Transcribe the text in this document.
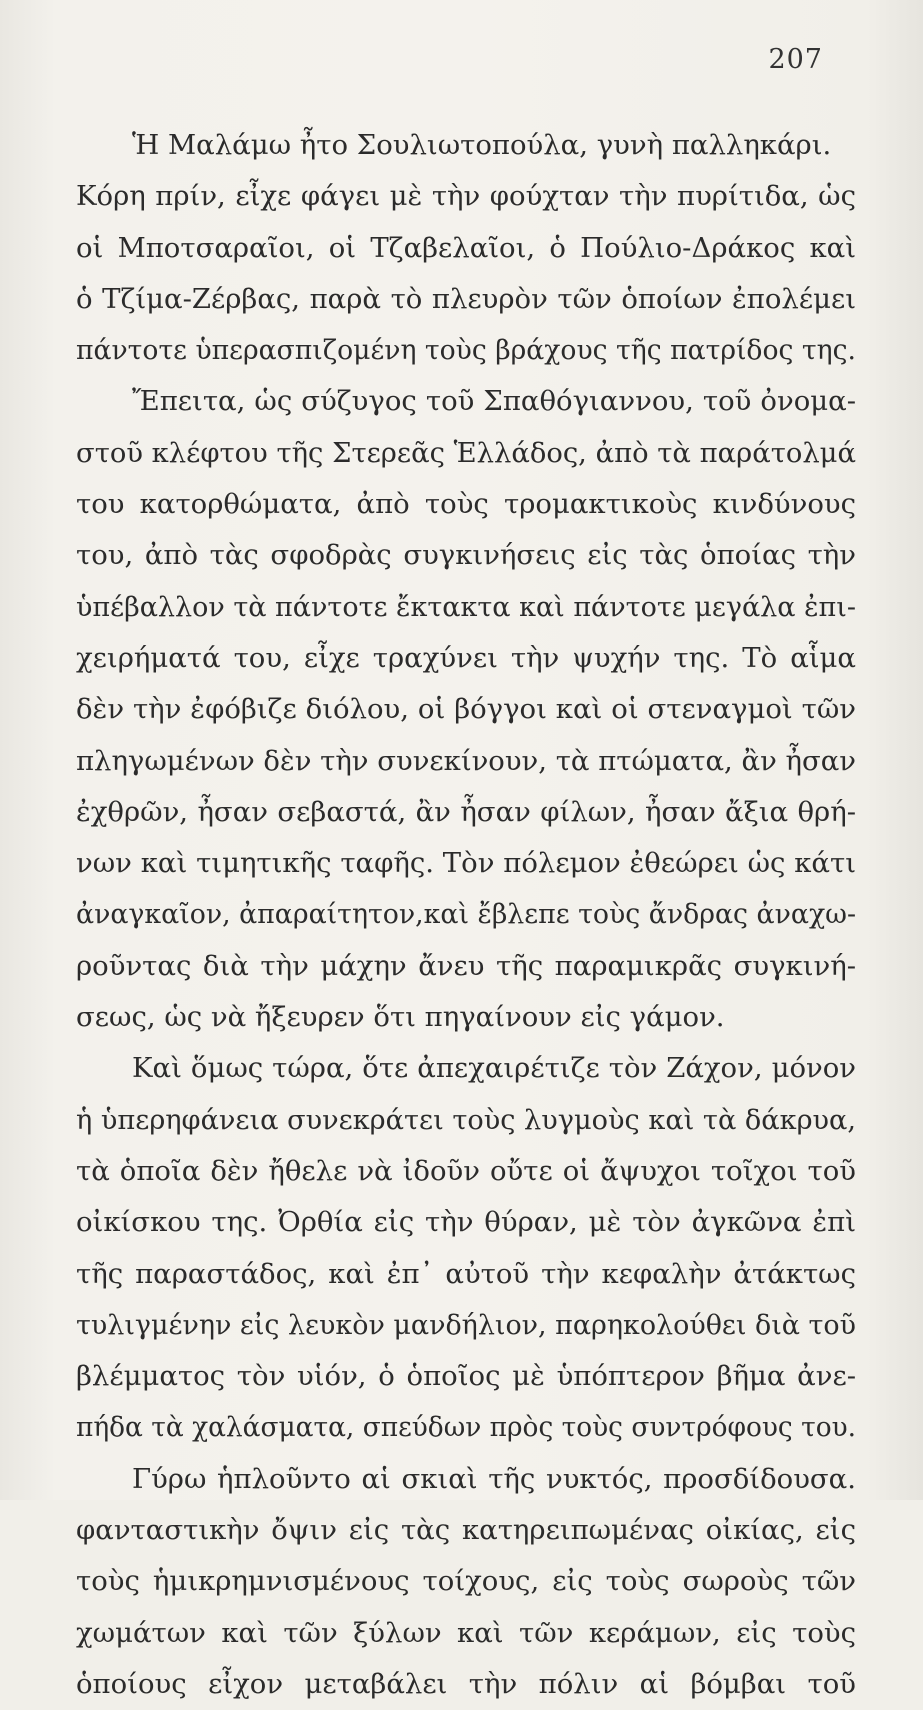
207
Ἡ Μαλάμω ἦτο Σουλιωτοπούλα, γυνὴ παλληκάρι.
Κόρη πρίν, εἶχε φάγει μὲ τὴν φούχταν τὴν πυρίτιδα, ὡς
οἱ Μποτσαραῖοι, οἱ Τζαβελαῖοι, ὁ Πούλιο-Δράκος καὶ
ὁ Τζίμα-Ζέρβας, παρὰ τὸ πλευρὸν τῶν ὁποίων ἐπολέμει
πάντοτε ὑπερασπιζομένη τοὺς βράχους τῆς πατρίδος της.
Ἔπειτα, ὡς σύζυγος τοῦ Σπαθόγιαννου, τοῦ ὀνομα-
στοῦ κλέφτου τῆς Στερεᾶς Ἑλλάδος, ἀπὸ τὰ παράτολμά
του κατορθώματα, ἀπὸ τοὺς τρομακτικοὺς κινδύνους
του, ἀπὸ τὰς σφοδρὰς συγκινήσεις εἰς τὰς ὁποίας τὴν
ὑπέβαλλον τὰ πάντοτε ἔκτακτα καὶ πάντοτε μεγάλα ἐπι-
χειρήματά του, εἶχε τραχύνει τὴν ψυχήν της. Τὸ αἷμα
δὲν τὴν ἐφόβιζε διόλου, οἱ βόγγοι καὶ οἱ στεναγμοὶ τῶν
πληγωμένων δὲν τὴν συνεκίνουν, τὰ πτώματα, ἂν ἦσαν
ἐχθρῶν, ἦσαν σεβαστά, ἂν ἦσαν φίλων, ἦσαν ἄξια θρή-
νων καὶ τιμητικῆς ταφῆς. Τὸν πόλεμον ἐθεώρει ὡς κάτι
ἀναγκαῖον, ἀπαραίτητον,καὶ ἔβλεπε τοὺς ἄνδρας ἀναχω-
ροῦντας διὰ τὴν μάχην ἄνευ τῆς παραμικρᾶς συγκινή-
σεως, ὡς νὰ ἤξευρεν ὅτι πηγαίνουν εἰς γάμον.
Καὶ ὅμως τώρα, ὅτε ἀπεχαιρέτιζε τὸν Ζάχον, μόνον
ἡ ὑπερηφάνεια συνεκράτει τοὺς λυγμοὺς καὶ τὰ δάκρυα,
τὰ ὁποῖα δὲν ἤθελε νὰ ἰδοῦν οὔτε οἱ ἄψυχοι τοῖχοι τοῦ
οἰκίσκου της. Ὀρθία εἰς τὴν θύραν, μὲ τὸν ἀγκῶνα ἐπὶ
τῆς παραστάδος, καὶ ἐπ᾽ αὐτοῦ τὴν κεφαλὴν ἀτάκτως
τυλιγμένην εἰς λευκὸν μανδήλιον, παρηκολούθει διὰ τοῦ
βλέμματος τὸν υἱόν, ὁ ὁποῖος μὲ ὑπόπτερον βῆμα ἀνε-
πήδα τὰ χαλάσματα, σπεύδων πρὸς τοὺς συντρόφους του.
Γύρω ἡπλοῦντο αἱ σκιαὶ τῆς νυκτός, προσδίδουσα.
φανταστικὴν ὄψιν εἰς τὰς κατηρειπωμένας οἰκίας, εἰς
τοὺς ἡμικρημνισμένους τοίχους, εἰς τοὺς σωροὺς τῶν
χωμάτων καὶ τῶν ξύλων καὶ τῶν κεράμων, εἰς τοὺς
ὁποίους εἶχον μεταβάλει τὴν πόλιν αἱ βόμβαι τοῦ
